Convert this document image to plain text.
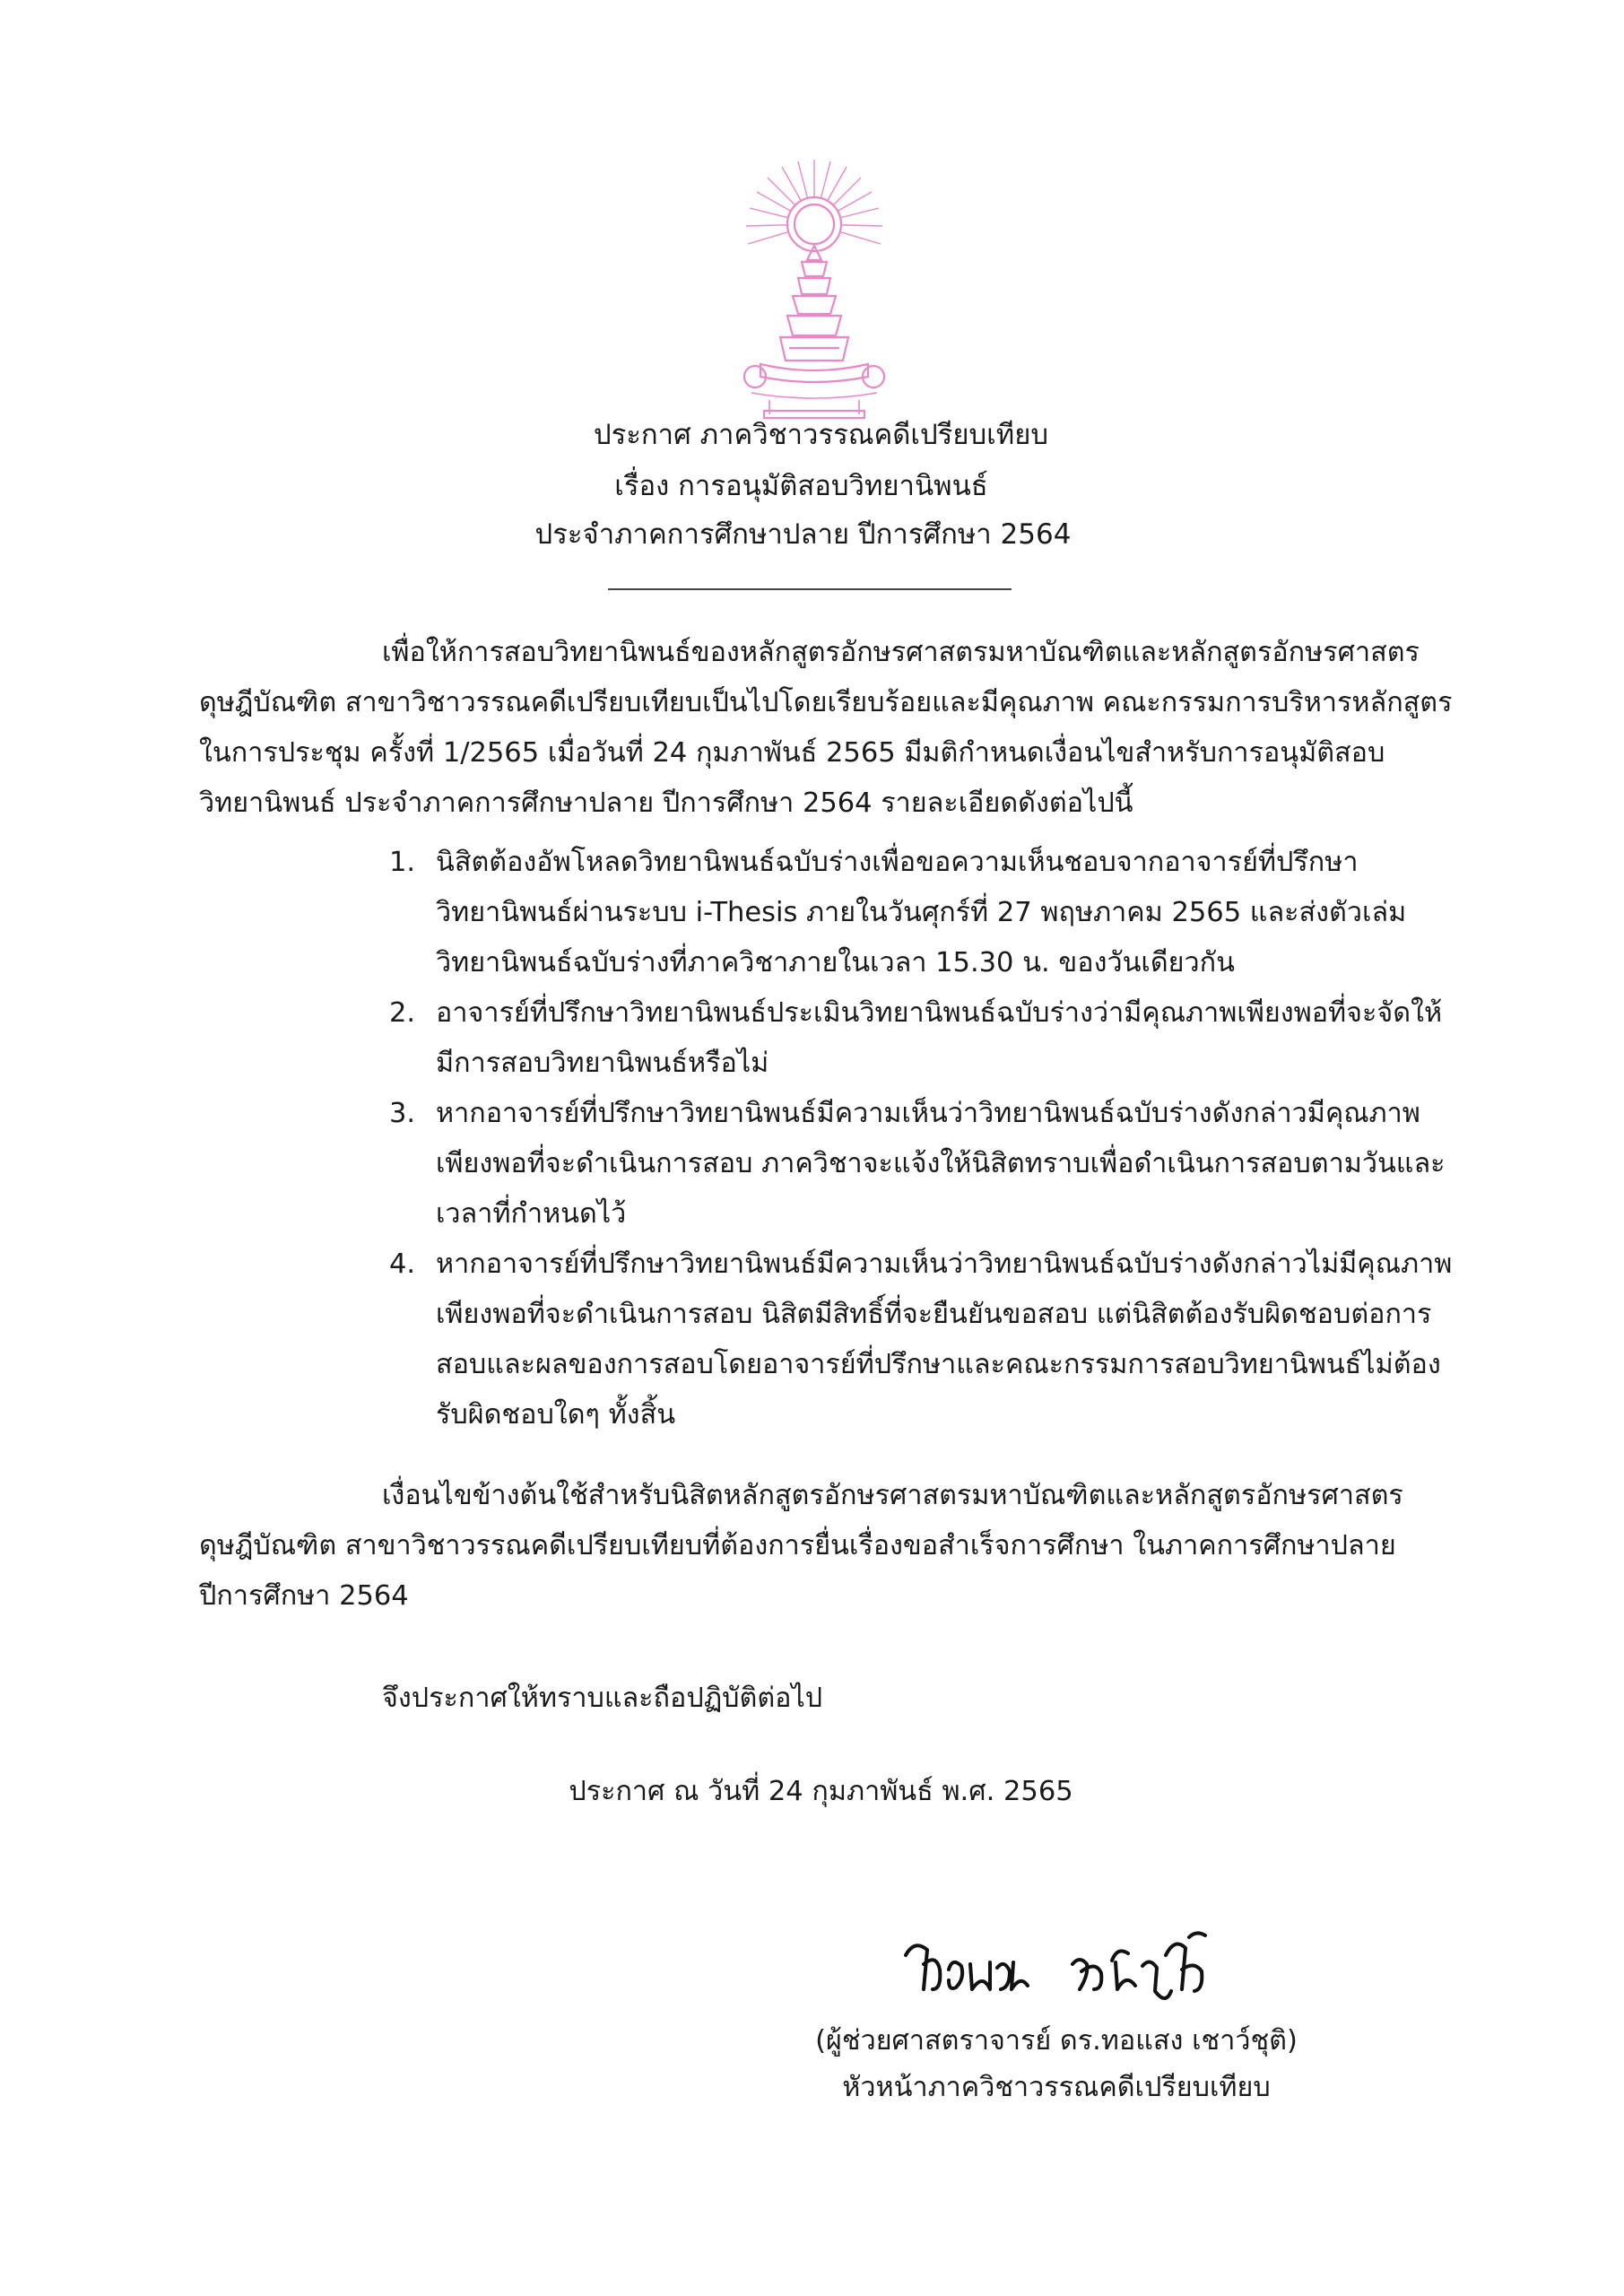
ประกาศ ภาควิชาวรรณคดีเปรียบเทียบ
เรื่อง การอนุมัติสอบวิทยานิพนธ์
ประจำภาคการศึกษาปลาย ปีการศึกษา 2564
เพื่อให้การสอบวิทยานิพนธ์ของหลักสูตรอักษรศาสตรมหาบัณฑิตและหลักสูตรอักษรศาสตร
ดุษฎีบัณฑิต สาขาวิชาวรรณคดีเปรียบเทียบเป็นไปโดยเรียบร้อยและมีคุณภาพ คณะกรรมการบริหารหลักสูตร
ในการประชุม ครั้งที่ 1/2565 เมื่อวันที่ 24 กุมภาพันธ์ 2565 มีมติกำหนดเงื่อนไขสำหรับการอนุมัติสอบ
วิทยานิพนธ์ ประจำภาคการศึกษาปลาย ปีการศึกษา 2564 รายละเอียดดังต่อไปนี้
1. นิสิตต้องอัพโหลดวิทยานิพนธ์ฉบับร่างเพื่อขอความเห็นชอบจากอาจารย์ที่ปรึกษา
วิทยานิพนธ์ผ่านระบบ i-Thesis ภายในวันศุกร์ที่ 27 พฤษภาคม 2565 และส่งตัวเล่ม
วิทยานิพนธ์ฉบับร่างที่ภาควิชาภายในเวลา 15.30 น. ของวันเดียวกัน
2. อาจารย์ที่ปรึกษาวิทยานิพนธ์ประเมินวิทยานิพนธ์ฉบับร่างว่ามีคุณภาพเพียงพอที่จะจัดให้
มีการสอบวิทยานิพนธ์หรือไม่
3. หากอาจารย์ที่ปรึกษาวิทยานิพนธ์มีความเห็นว่าวิทยานิพนธ์ฉบับร่างดังกล่าวมีคุณภาพ
เพียงพอที่จะดำเนินการสอบ ภาควิชาจะแจ้งให้นิสิตทราบเพื่อดำเนินการสอบตามวันและ
เวลาที่กำหนดไว้
4. หากอาจารย์ที่ปรึกษาวิทยานิพนธ์มีความเห็นว่าวิทยานิพนธ์ฉบับร่างดังกล่าวไม่มีคุณภาพ
เพียงพอที่จะดำเนินการสอบ นิสิตมีสิทธิ์ที่จะยืนยันขอสอบ แต่นิสิตต้องรับผิดชอบต่อการ
สอบและผลของการสอบโดยอาจารย์ที่ปรึกษาและคณะกรรมการสอบวิทยานิพนธ์ไม่ต้อง
รับผิดชอบใดๆ ทั้งสิ้น
เงื่อนไขข้างต้นใช้สำหรับนิสิตหลักสูตรอักษรศาสตรมหาบัณฑิตและหลักสูตรอักษรศาสตร
ดุษฎีบัณฑิต สาขาวิชาวรรณคดีเปรียบเทียบที่ต้องการยื่นเรื่องขอสำเร็จการศึกษา ในภาคการศึกษาปลาย
ปีการศึกษา 2564
จึงประกาศให้ทราบและถือปฏิบัติต่อไป
ประกาศ ณ วันที่ 24 กุมภาพันธ์ พ.ศ. 2565
(ผู้ช่วยศาสตราจารย์ ดร.ทอแสง เชาว์ชุติ)
หัวหน้าภาควิชาวรรณคดีเปรียบเทียบ
